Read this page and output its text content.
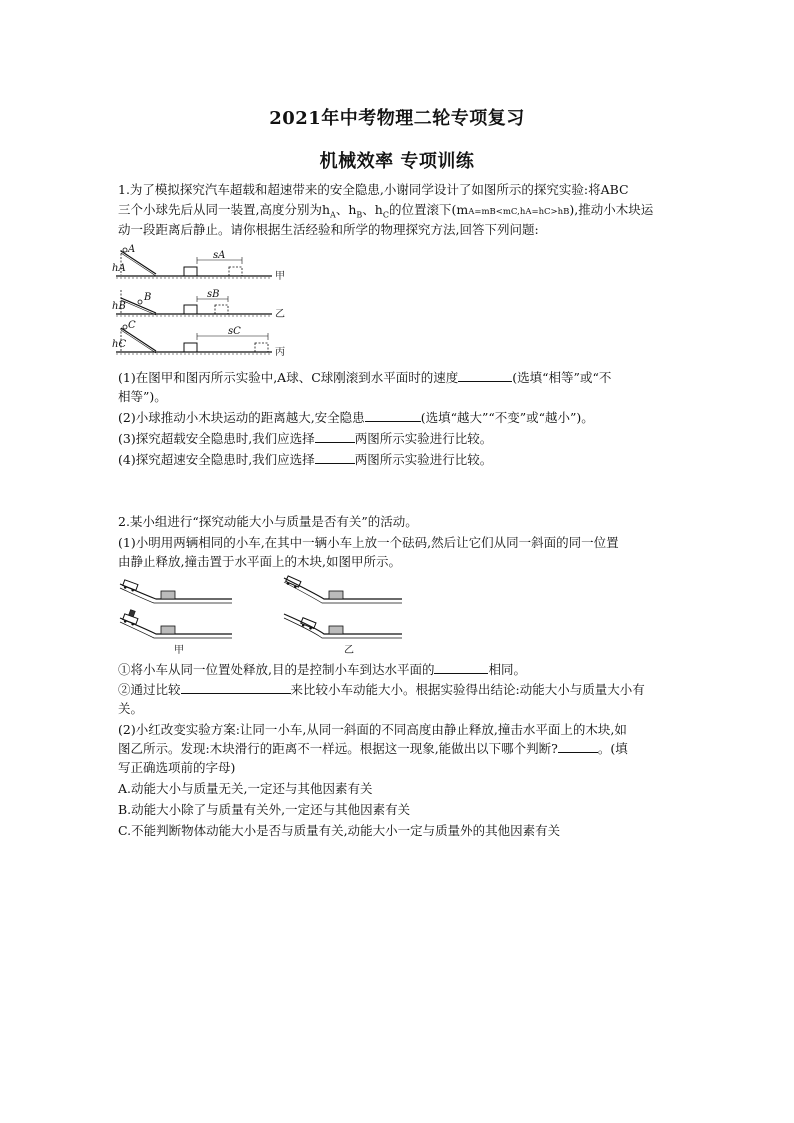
2021年中考物理二轮专项复习
机械效率 专项训练
1.为了模拟探究汽车超载和超速带来的安全隐患,小谢同学设计了如图所示的探究实验:将ABC
三个小球先后从同一装置,高度分别为$h_A$、$h_B$、$h_C$的位置滚下(mA=mB<mC,hA=hC>hB),推动小木块运
动一段距离后静止。请你根据生活经验和所学的物理探究方法,回答下列问题:
A
hA
sA
甲
B
hB
sB
乙
C
hC
sC
丙
(1)在图甲和图丙所示实验中,A球、C球刚滚到水平面时的速度	(选填“相等”或“不
相等”)。
(2)小球推动小木块运动的距离越大,安全隐患	(选填“越大”“不变”或“越小”)。
(3)探究超载安全隐患时,我们应选择	两图所示实验进行比较。
(4)探究超速安全隐患时,我们应选择	两图所示实验进行比较。
2.某小组进行“探究动能大小与质量是否有关”的活动。
(1)小明用两辆相同的小车,在其中一辆小车上放一个砝码,然后让它们从同一斜面的同一位置
由静止释放,撞击置于水平面上的木块,如图甲所示。
甲	乙
①将小车从同一位置处释放,目的是控制小车到达水平面的	相同。
②通过比较	来比较小车动能大小。根据实验得出结论:动能大小与质量大小有
关。
(2)小红改变实验方案:让同一小车,从同一斜面的不同高度由静止释放,撞击水平面上的木块,如
图乙所示。发现:木块滑行的距离不一样远。根据这一现象,能做出以下哪个判断?	。(填
写正确选项前的字母)
A.动能大小与质量无关,一定还与其他因素有关
B.动能大小除了与质量有关外,一定还与其他因素有关
C.不能判断物体动能大小是否与质量有关,动能大小一定与质量外的其他因素有关
